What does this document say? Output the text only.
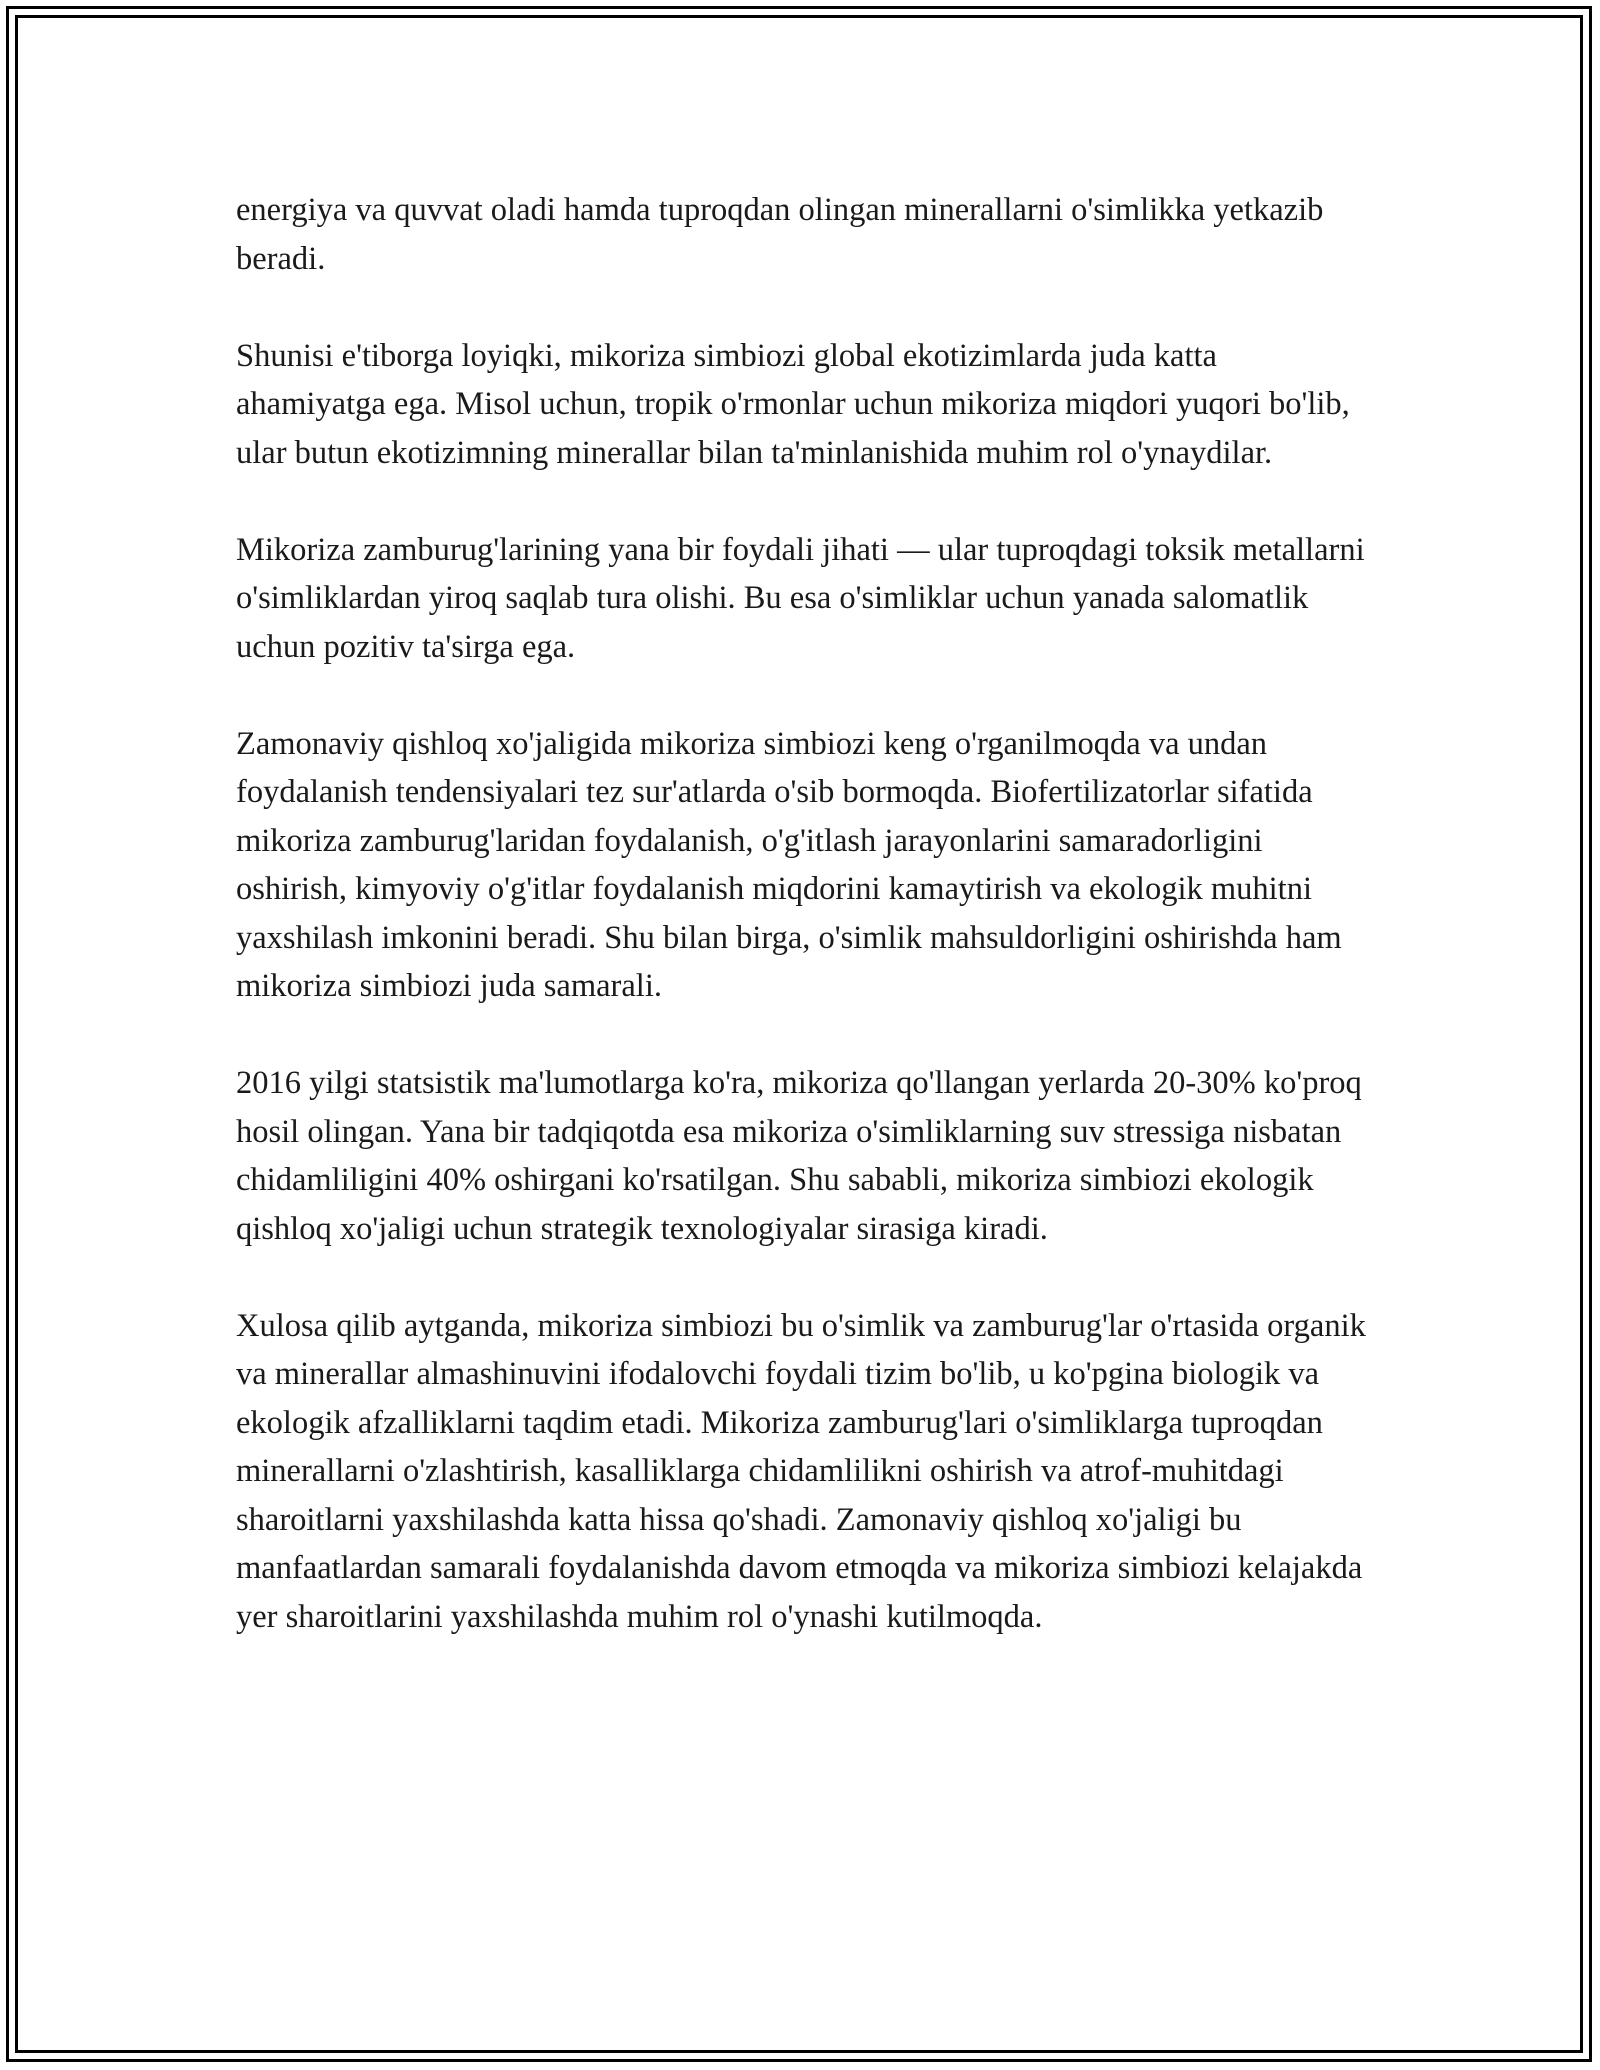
energiya va quvvat oladi hamda tuproqdan olingan minerallarni o'simlikka yetkazib beradi.

Shunisi e'tiborga loyiqki, mikoriza simbiozi global ekotizimlarda juda katta ahamiyatga ega. Misol uchun, tropik o'rmonlar uchun mikoriza miqdori yuqori bo'lib, ular butun ekotizimning minerallar bilan ta'minlanishida muhim rol o'ynaydilar.

Mikoriza zamburug'larining yana bir foydali jihati — ular tuproqdagi toksik metallarni o'simliklardan yiroq saqlab tura olishi. Bu esa o'simliklar uchun yanada salomatlik uchun pozitiv ta'sirga ega.

Zamonaviy qishloq xo'jaligida mikoriza simbiozi keng o'rganilmoqda va undan foydalanish tendensiyalari tez sur'atlarda o'sib bormoqda. Biofertilizatorlar sifatida mikoriza zamburug'laridan foydalanish, o'g'itlash jarayonlarini samaradorligini oshirish, kimyoviy o'g'itlar foydalanish miqdorini kamaytirish va ekologik muhitni yaxshilash imkonini beradi. Shu bilan birga, o'simlik mahsuldorligini oshirishda ham mikoriza simbiozi juda samarali.

2016 yilgi statsistik ma'lumotlarga ko'ra, mikoriza qo'llangan yerlarda 20-30% ko'proq hosil olingan. Yana bir tadqiqotda esa mikoriza o'simliklarning suv stressiga nisbatan chidamliligini 40% oshirgani ko'rsatilgan. Shu sababli, mikoriza simbiozi ekologik qishloq xo'jaligi uchun strategik texnologiyalar sirasiga kiradi.

Xulosa qilib aytganda, mikoriza simbiozi bu o'simlik va zamburug'lar o'rtasida organik va minerallar almashinuvini ifodalovchi foydali tizim bo'lib, u ko'pgina biologik va ekologik afzalliklarni taqdim etadi. Mikoriza zamburug'lari o'simliklarga tuproqdan minerallarni o'zlashtirish, kasalliklarga chidamlilikni oshirish va atrof-muhitdagi sharoitlarni yaxshilashda katta hissa qo'shadi. Zamonaviy qishloq xo'jaligi bu manfaatlardan samarali foydalanishda davom etmoqda va mikoriza simbiozi kelajakda yer sharoitlarini yaxshilashda muhim rol o'ynashi kutilmoqda.
